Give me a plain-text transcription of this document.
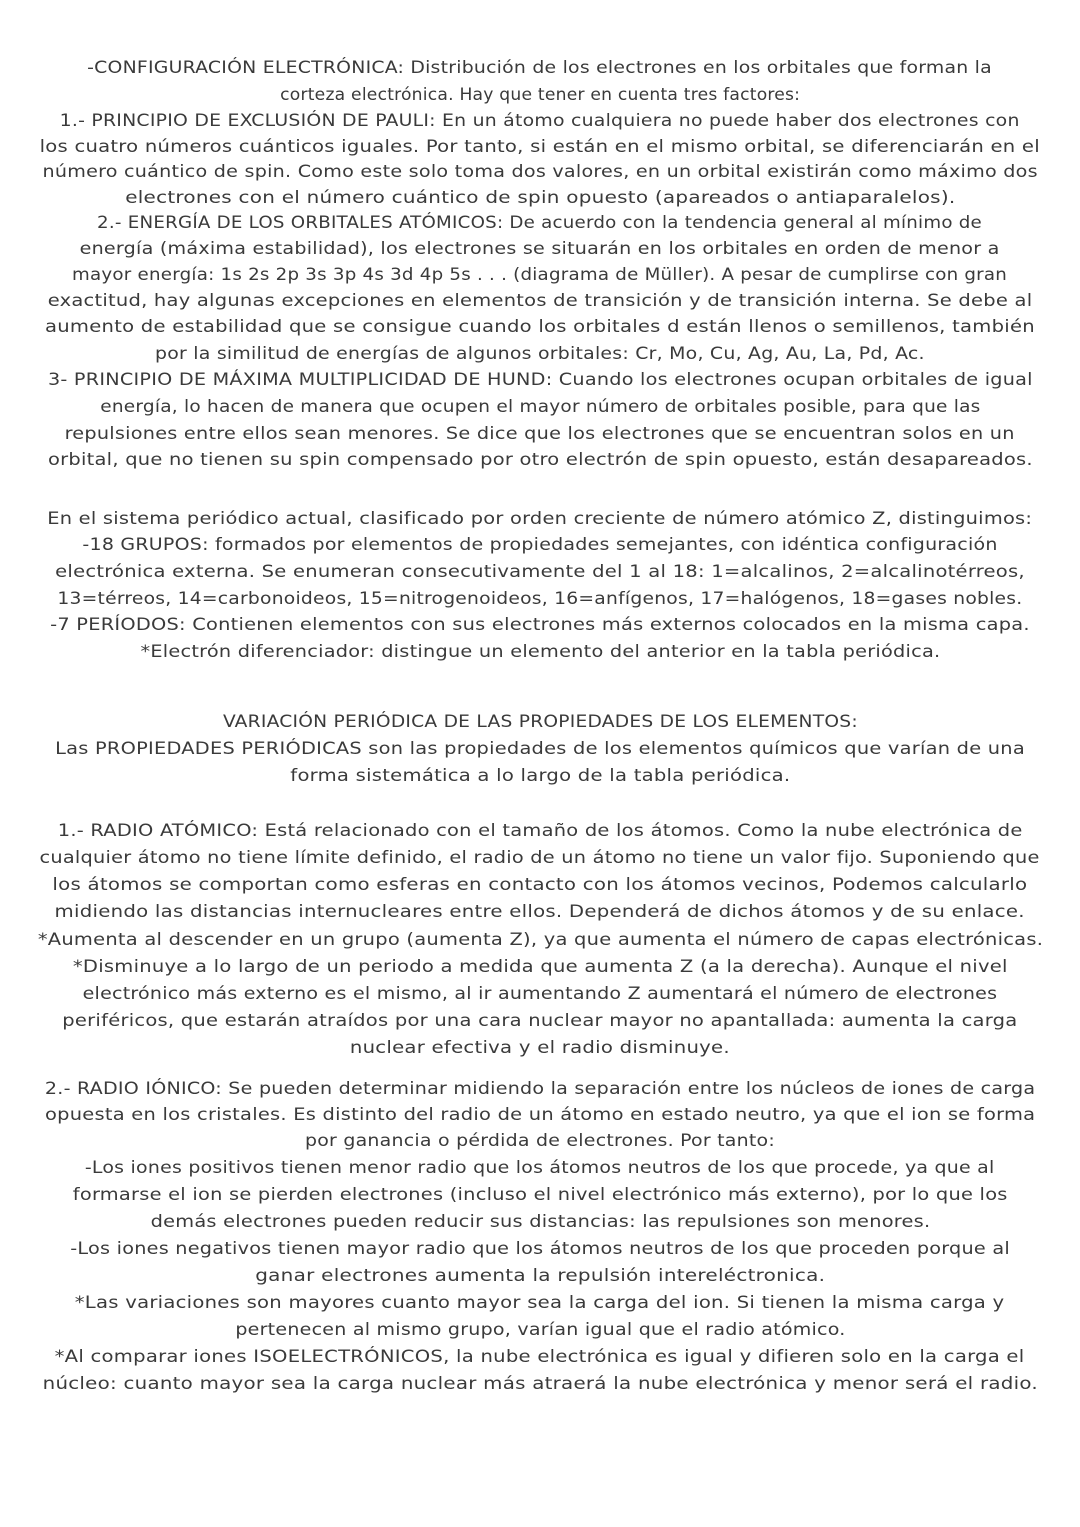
-CONFIGURACIÓN ELECTRÓNICA: Distribución de los electrones en los orbitales que forman la
corteza electrónica. Hay que tener en cuenta tres factores:
1.- PRINCIPIO DE EXCLUSIÓN DE PAULI: En un átomo cualquiera no puede haber dos electrones con
los cuatro números cuánticos iguales. Por tanto, si están en el mismo orbital, se diferenciarán en el
número cuántico de spin. Como este solo toma dos valores, en un orbital existirán como máximo dos
electrones con el número cuántico de spin opuesto (apareados o antiaparalelos).
2.- ENERGÍA DE LOS ORBITALES ATÓMICOS: De acuerdo con la tendencia general al mínimo de
energía (máxima estabilidad), los electrones se situarán en los orbitales en orden de menor a
mayor energía: 1s 2s 2p 3s 3p 4s 3d 4p 5s . . . (diagrama de Müller). A pesar de cumplirse con gran
exactitud, hay algunas excepciones en elementos de transición y de transición interna. Se debe al
aumento de estabilidad que se consigue cuando los orbitales d están llenos o semillenos, también
por la similitud de energías de algunos orbitales: Cr, Mo, Cu, Ag, Au, La, Pd, Ac.
3- PRINCIPIO DE MÁXIMA MULTIPLICIDAD DE HUND: Cuando los electrones ocupan orbitales de igual
energía, lo hacen de manera que ocupen el mayor número de orbitales posible, para que las
repulsiones entre ellos sean menores. Se dice que los electrones que se encuentran solos en un
orbital, que no tienen su spin compensado por otro electrón de spin opuesto, están desapareados.
En el sistema periódico actual, clasificado por orden creciente de número atómico Z, distinguimos:
-18 GRUPOS: formados por elementos de propiedades semejantes, con idéntica configuración
electrónica externa. Se enumeran consecutivamente del 1 al 18: 1=alcalinos, 2=alcalinotérreos,
13=térreos, 14=carbonoideos, 15=nitrogenoideos, 16=anfígenos, 17=halógenos, 18=gases nobles.
-7 PERÍODOS: Contienen elementos con sus electrones más externos colocados en la misma capa.
*Electrón diferenciador: distingue un elemento del anterior en la tabla periódica.
VARIACIÓN PERIÓDICA DE LAS PROPIEDADES DE LOS ELEMENTOS:
Las PROPIEDADES PERIÓDICAS son las propiedades de los elementos químicos que varían de una
forma sistemática a lo largo de la tabla periódica.
1.- RADIO ATÓMICO: Está relacionado con el tamaño de los átomos. Como la nube electrónica de
cualquier átomo no tiene límite definido, el radio de un átomo no tiene un valor fijo. Suponiendo que
los átomos se comportan como esferas en contacto con los átomos vecinos, Podemos calcularlo
midiendo las distancias internucleares entre ellos. Dependerá de dichos átomos y de su enlace.
*Aumenta al descender en un grupo (aumenta Z), ya que aumenta el número de capas electrónicas.
*Disminuye a lo largo de un periodo a medida que aumenta Z (a la derecha). Aunque el nivel
electrónico más externo es el mismo, al ir aumentando Z aumentará el número de electrones
periféricos, que estarán atraídos por una cara nuclear mayor no apantallada: aumenta la carga
nuclear efectiva y el radio disminuye.
2.- RADIO IÓNICO: Se pueden determinar midiendo la separación entre los núcleos de iones de carga
opuesta en los cristales. Es distinto del radio de un átomo en estado neutro, ya que el ion se forma
por ganancia o pérdida de electrones. Por tanto:
-Los iones positivos tienen menor radio que los átomos neutros de los que procede, ya que al
formarse el ion se pierden electrones (incluso el nivel electrónico más externo), por lo que los
demás electrones pueden reducir sus distancias: las repulsiones son menores.
-Los iones negativos tienen mayor radio que los átomos neutros de los que proceden porque al
ganar electrones aumenta la repulsión intereléctronica.
*Las variaciones son mayores cuanto mayor sea la carga del ion. Si tienen la misma carga y
pertenecen al mismo grupo, varían igual que el radio atómico.
*Al comparar iones ISOELECTRÓNICOS, la nube electrónica es igual y difieren solo en la carga el
núcleo: cuanto mayor sea la carga nuclear más atraerá la nube electrónica y menor será el radio.
